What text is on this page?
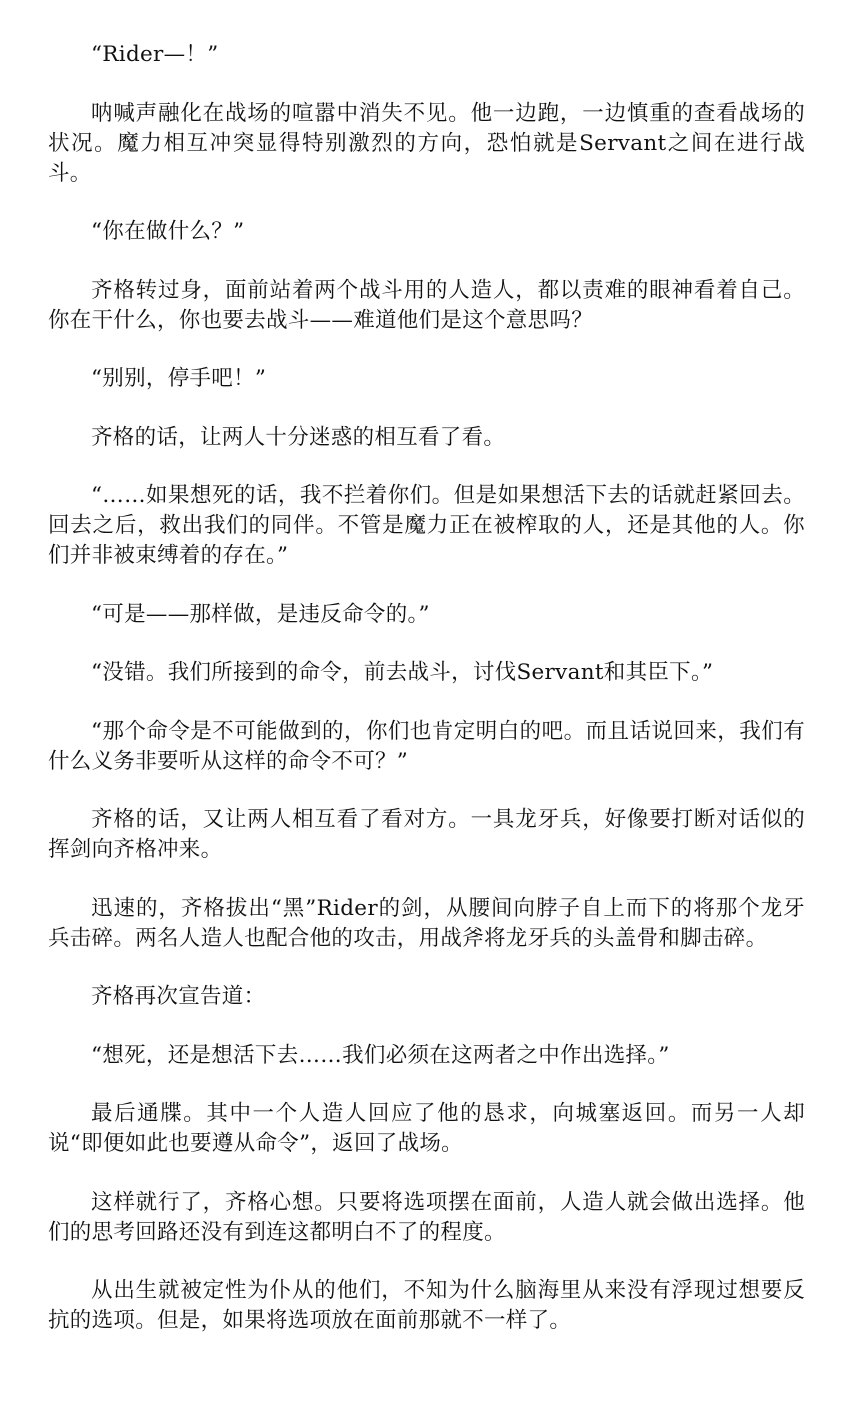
“Rider—！”

呐喊声融化在战场的喧嚣中消失不见。他一边跑，一边慎重的查看战场的状况。魔力相互冲突显得特别激烈的方向，恐怕就是Servant之间在进行战斗。

“你在做什么？”

齐格转过身，面前站着两个战斗用的人造人，都以责难的眼神看着自己。你在干什么，你也要去战斗——难道他们是这个意思吗？

“别别，停手吧！”

齐格的话，让两人十分迷惑的相互看了看。

“……如果想死的话，我不拦着你们。但是如果想活下去的话就赶紧回去。回去之后，救出我们的同伴。不管是魔力正在被榨取的人，还是其他的人。你们并非被束缚着的存在。”

“可是——那样做，是违反命令的。”

“没错。我们所接到的命令，前去战斗，讨伐Servant和其臣下。”

“那个命令是不可能做到的，你们也肯定明白的吧。而且话说回来，我们有什么义务非要听从这样的命令不可？”

齐格的话，又让两人相互看了看对方。一具龙牙兵，好像要打断对话似的挥剑向齐格冲来。

迅速的，齐格拔出“黑”Rider的剑，从腰间向脖子自上而下的将那个龙牙兵击碎。两名人造人也配合他的攻击，用战斧将龙牙兵的头盖骨和脚击碎。

齐格再次宣告道：

“想死，还是想活下去……我们必须在这两者之中作出选择。”

最后通牒。其中一个人造人回应了他的恳求，向城塞返回。而另一人却说“即便如此也要遵从命令”，返回了战场。

这样就行了，齐格心想。只要将选项摆在面前，人造人就会做出选择。他们的思考回路还没有到连这都明白不了的程度。

从出生就被定性为仆从的他们，不知为什么脑海里从来没有浮现过想要反抗的选项。但是，如果将选项放在面前那就不一样了。
